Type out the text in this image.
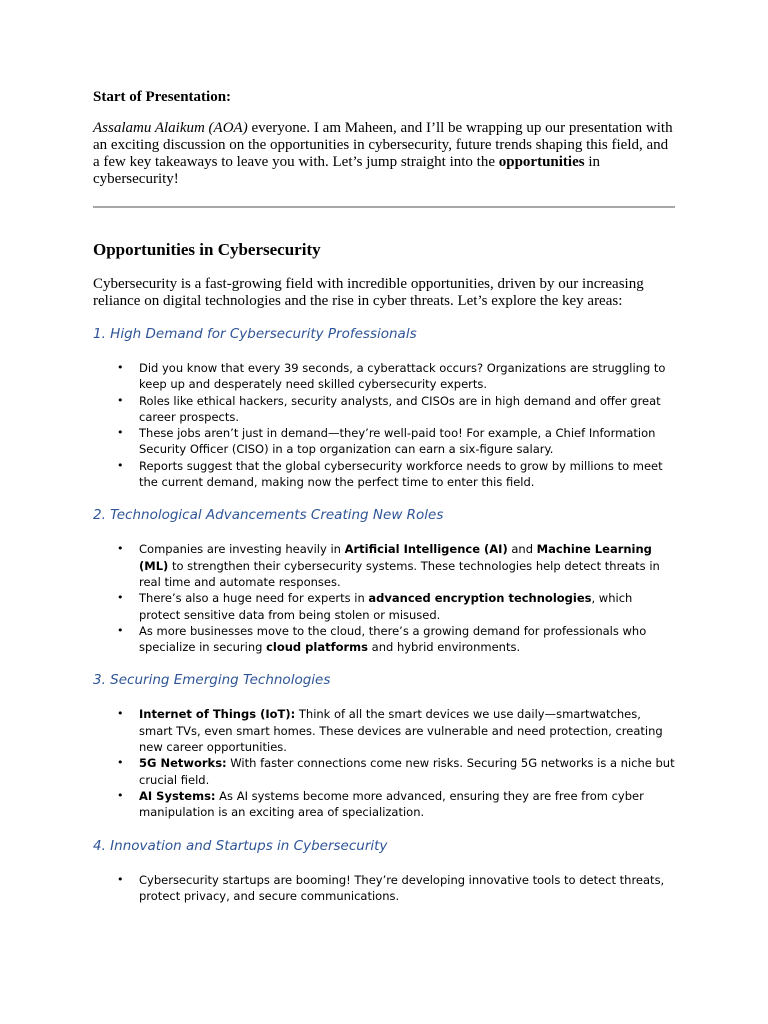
Start of Presentation:

Assalamu Alaikum (AOA) everyone. I am Maheen, and I’ll be wrapping up our presentation with an exciting discussion on the opportunities in cybersecurity, future trends shaping this field, and a few key takeaways to leave you with. Let’s jump straight into the opportunities in cybersecurity!

Opportunities in Cybersecurity

Cybersecurity is a fast-growing field with incredible opportunities, driven by our increasing reliance on digital technologies and the rise in cyber threats. Let’s explore the key areas:

1. High Demand for Cybersecurity Professionals

• Did you know that every 39 seconds, a cyberattack occurs? Organizations are struggling to keep up and desperately need skilled cybersecurity experts.
• Roles like ethical hackers, security analysts, and CISOs are in high demand and offer great career prospects.
• These jobs aren’t just in demand—they’re well-paid too! For example, a Chief Information Security Officer (CISO) in a top organization can earn a six-figure salary.
• Reports suggest that the global cybersecurity workforce needs to grow by millions to meet the current demand, making now the perfect time to enter this field.

2. Technological Advancements Creating New Roles

• Companies are investing heavily in Artificial Intelligence (AI) and Machine Learning (ML) to strengthen their cybersecurity systems. These technologies help detect threats in real time and automate responses.
• There’s also a huge need for experts in advanced encryption technologies, which protect sensitive data from being stolen or misused.
• As more businesses move to the cloud, there’s a growing demand for professionals who specialize in securing cloud platforms and hybrid environments.

3. Securing Emerging Technologies

• Internet of Things (IoT): Think of all the smart devices we use daily—smartwatches, smart TVs, even smart homes. These devices are vulnerable and need protection, creating new career opportunities.
• 5G Networks: With faster connections come new risks. Securing 5G networks is a niche but crucial field.
• AI Systems: As AI systems become more advanced, ensuring they are free from cyber manipulation is an exciting area of specialization.

4. Innovation and Startups in Cybersecurity

• Cybersecurity startups are booming! They’re developing innovative tools to detect threats, protect privacy, and secure communications.
